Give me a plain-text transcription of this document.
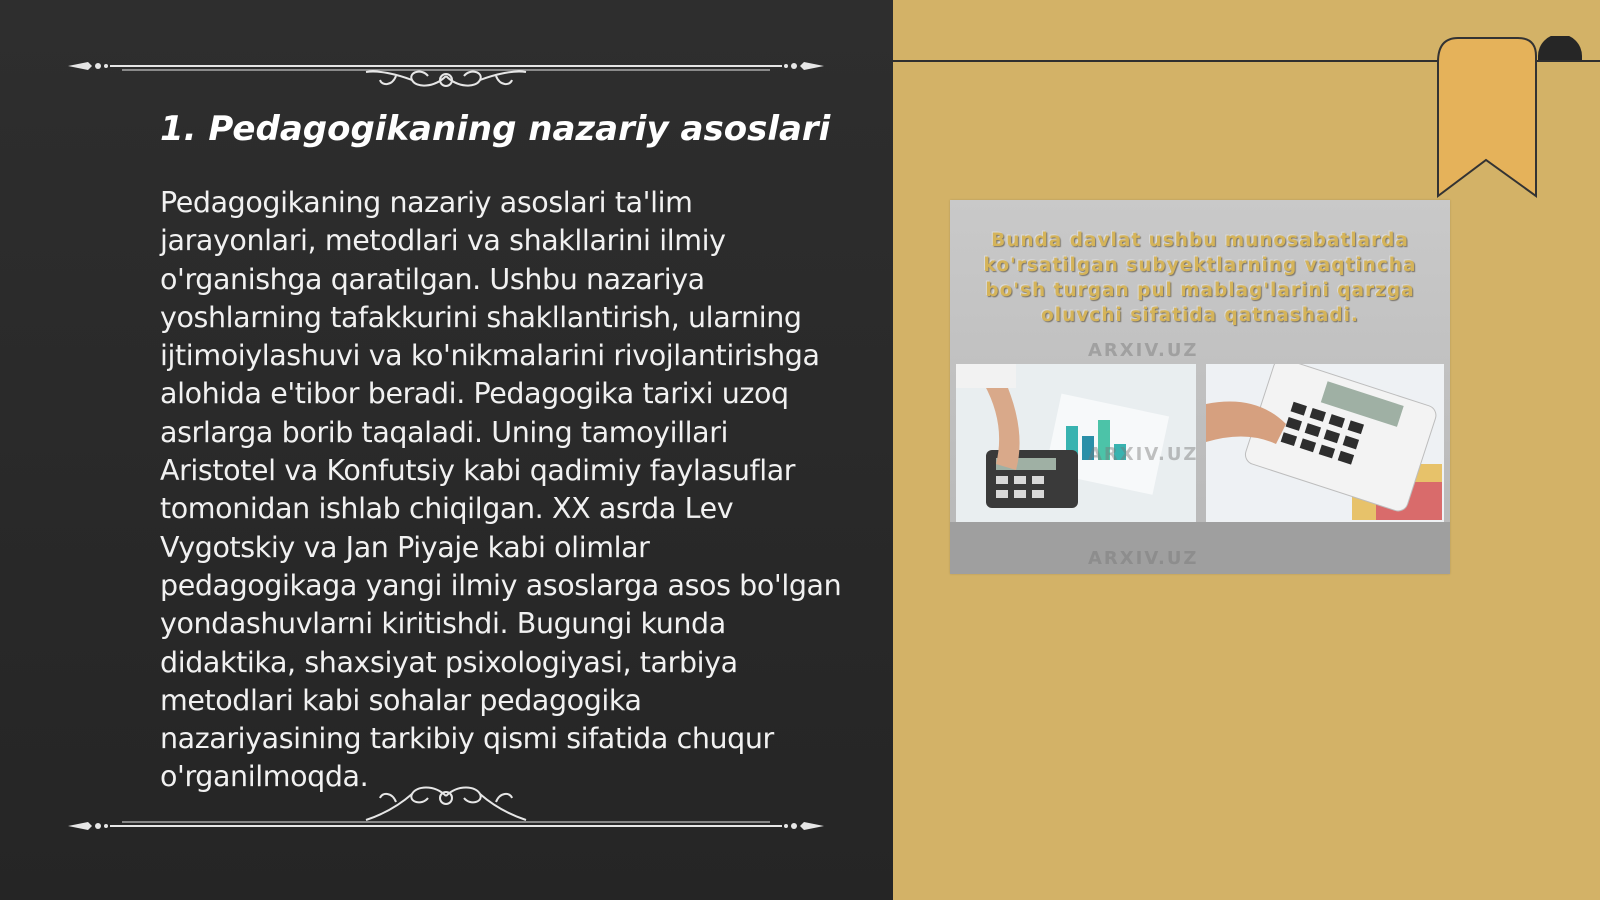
1. Pedagogikaning nazariy asoslari

Pedagogikaning nazariy asoslari ta'lim jarayonlari, metodlari va shakllarini ilmiy o'rganishga qaratilgan. Ushbu nazariya yoshlarning tafakkurini shakllantirish, ularning ijtimoiylashuvi va ko'nikmalarini rivojlantirishga alohida e'tibor beradi. Pedagogika tarixi uzoq asrlarga borib taqaladi. Uning tamoyillari Aristotel va Konfutsiy kabi qadimiy faylasuflar tomonidan ishlab chiqilgan. XX asrda Lev Vygotskiy va Jan Piyaje kabi olimlar pedagogikaga yangi ilmiy asoslarga asos bo'lgan yondashuvlarni kiritishdi. Bugungi kunda didaktika, shaxsiyat psixologiyasi, tarbiya metodlari kabi sohalar pedagogika nazariyasining tarkibiy qismi sifatida chuqur o'rganilmoqda.

Bunda davlat ushbu munosabatlarda ko'rsatilgan subyektlarning vaqtincha bo'sh turgan pul mablag'larini qarzga oluvchi sifatida qatnashadi.

ARXIV.UZ
ARXIV.UZ
ARXIV.UZ
